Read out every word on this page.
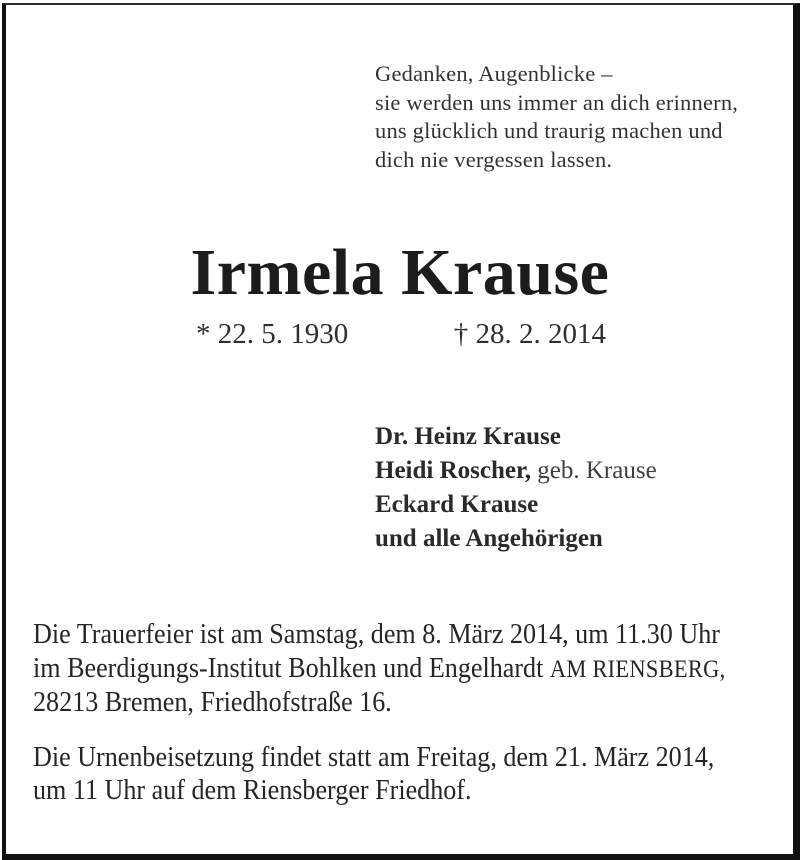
Gedanken, Augenblicke –
sie werden uns immer an dich erinnern,
uns glücklich und traurig machen und
dich nie vergessen lassen.
Irmela Krause
* 22. 5. 1930	† 28. 2. 2014
Dr. Heinz Krause
Heidi Roscher, geb. Krause
Eckard Krause
und alle Angehörigen
Die Trauerfeier ist am Samstag, dem 8. März 2014, um 11.30 Uhr
im Beerdigungs-Institut Bohlken und Engelhardt AM RIENSBERG,
28213 Bremen, Friedhofstraße 16.
Die Urnenbeisetzung findet statt am Freitag, dem 21. März 2014,
um 11 Uhr auf dem Riensberger Friedhof.
